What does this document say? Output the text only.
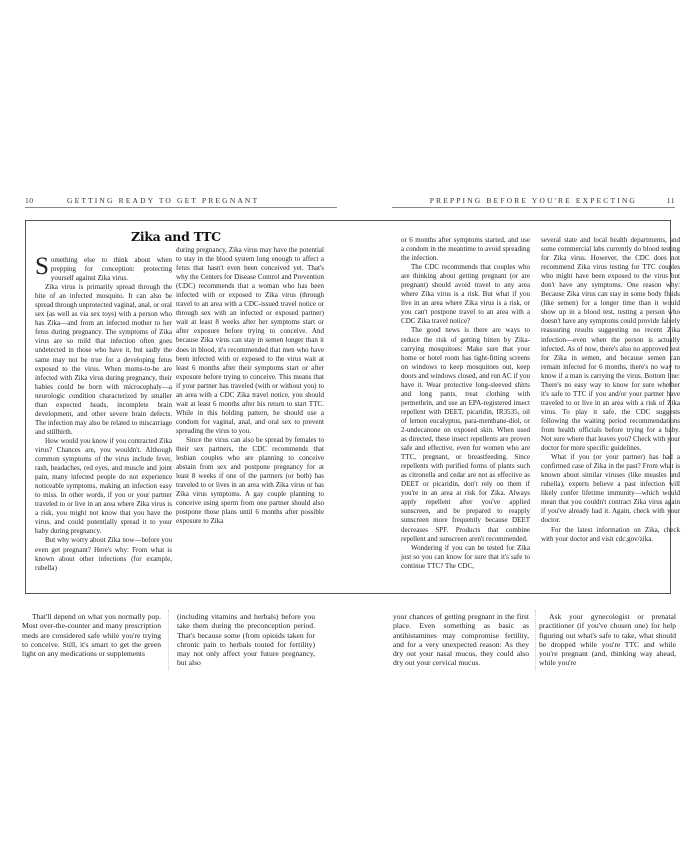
10	GETTING READY TO GET PREGNANT	PREPPING BEFORE YOU'RE EXPECTING	11
Zika and TTC

Something else to think about when prepping for conception: protecting yourself against Zika virus.

Zika virus is primarily spread through the bite of an infected mosquito. It can also be spread through unprotected vaginal, anal, or oral sex (as well as via sex toys) with a person who has Zika—and from an infected mother to her fetus during pregnancy. The symptoms of Zika virus are so mild that infection often goes undetected in those who have it, but sadly the same may not be true for a developing fetus exposed to the virus. When moms-to-be are infected with Zika virus during pregnancy, their babies could be born with microcephaly—a neurologic condition characterized by smaller than expected heads, incomplete brain development, and other severe brain defects. The infection may also be related to miscarriage and stillbirth.

How would you know if you contracted Zika virus? Chances are, you wouldn't. Although common symptoms of the virus include fever, rash, headaches, red eyes, and muscle and joint pain, many infected people do not experience noticeable symptoms, making an infection easy to miss. In other words, if you or your partner traveled to or live in an area where Zika virus is a risk, you might not know that you have the virus, and could potentially spread it to your baby during pregnancy.

But why worry about Zika now—before you even get pregnant? Here's why: From what is known about other infections (for example, rubella)

during pregnancy, Zika virus may have the potential to stay in the blood system long enough to affect a fetus that hasn't even been conceived yet. That's why the Centers for Disease Control and Prevention (CDC) recommends that a woman who has been infected with or exposed to Zika virus (through travel to an area with a CDC-issued travel notice or through sex with an infected or exposed partner) wait at least 8 weeks after her symptoms start or after exposure before trying to conceive. And because Zika virus can stay in semen longer than it does in blood, it's recommended that men who have been infected with or exposed to the virus wait at least 6 months after their symptoms start or after exposure before trying to conceive. This means that if your partner has traveled (with or without you) to an area with a CDC Zika travel notice, you should wait at least 6 months after his return to start TTC. While in this holding pattern, he should use a condom for vaginal, anal, and oral sex to prevent spreading the virus to you.

Since the virus can also be spread by females to their sex partners, the CDC recommends that lesbian couples who are planning to conceive abstain from sex and postpone pregnancy for at least 8 weeks if one of the partners (or both) has traveled to or lives in an area with Zika virus or has Zika virus symptoms. A gay couple planning to conceive using sperm from one partner should also postpone those plans until 6 months after possible exposure to Zika

or 6 months after symptoms started, and use a condom in the meantime to avoid spreading the infection.

The CDC recommends that couples who are thinking about getting pregnant (or are pregnant) should avoid travel to any area where Zika virus is a risk. But what if you live in an area where Zika virus is a risk, or you can't postpone travel to an area with a CDC Zika travel notice?

The good news is there are ways to reduce the risk of getting bitten by Zika-carrying mosquitoes: Make sure that your home or hotel room has tight-fitting screens on windows to keep mosquitoes out, keep doors and windows closed, and run AC if you have it. Wear protective long-sleeved shirts and long pants, treat clothing with permethrin, and use an EPA-registered insect repellent with DEET, picaridin, IR3535, oil of lemon eucalyptus, para-menthane-diol, or 2-undecanone on exposed skin. When used as directed, these insect repellents are proven safe and effective, even for women who are TTC, pregnant, or breastfeeding. Since repellents with purified forms of plants such as citronella and cedar are not as effective as DEET or picaridin, don't rely on them if you're in an area at risk for Zika. Always apply repellent after you've applied sunscreen, and be prepared to reapply sunscreen more frequently because DEET decreases SPF. Products that combine repellent and sunscreen aren't recommended.

Wondering if you can be tested for Zika just so you can know for sure that it's safe to continue TTC? The CDC,

several state and local health departments, and some commercial labs currently do blood testing for Zika virus. However, the CDC does not recommend Zika virus testing for TTC couples who might have been exposed to the virus but don't have any symptoms. One reason why: Because Zika virus can stay in some body fluids (like semen) for a longer time than it would show up in a blood test, testing a person who doesn't have any symptoms could provide falsely reassuring results suggesting no recent Zika infection—even when the person is actually infected. As of now, there's also no approved test for Zika in semen, and because semen can remain infected for 6 months, there's no way to know if a man is carrying the virus. Bottom line: There's no easy way to know for sure whether it's safe to TTC if you and/or your partner have traveled to or live in an area with a risk of Zika virus. To play it safe, the CDC suggests following the waiting period recommendations from health officials before trying for a baby. Not sure where that leaves you? Check with your doctor for more specific guidelines.

What if you (or your partner) has had a confirmed case of Zika in the past? From what is known about similar viruses (like measles and rubella), experts believe a past infection will likely confer lifetime immunity—which would mean that you couldn't contract Zika virus again if you've already had it. Again, check with your doctor.

For the latest information on Zika, check with your doctor and visit cdc.gov/zika.

That'll depend on what you normally pop. Most over-the-counter and many prescription meds are considered safe while you're trying to conceive. Still, it's smart to get the green light on any medications or supplements

(including vitamins and herbals) before you take them during the preconception period. That's because some (from opioids taken for chronic pain to herbals touted for fertility) may not only affect your future pregnancy, but also

your chances of getting pregnant in the first place. Even something as basic as antihistamines may compromise fertility, and for a very unexpected reason: As they dry out your nasal mucus, they could also dry out your cervical mucus.

Ask your gynecologist or prenatal practitioner (if you've chosen one) for help figuring out what's safe to take, what should be dropped while you're TTC and while you're pregnant (and, thinking way ahead, while you're
